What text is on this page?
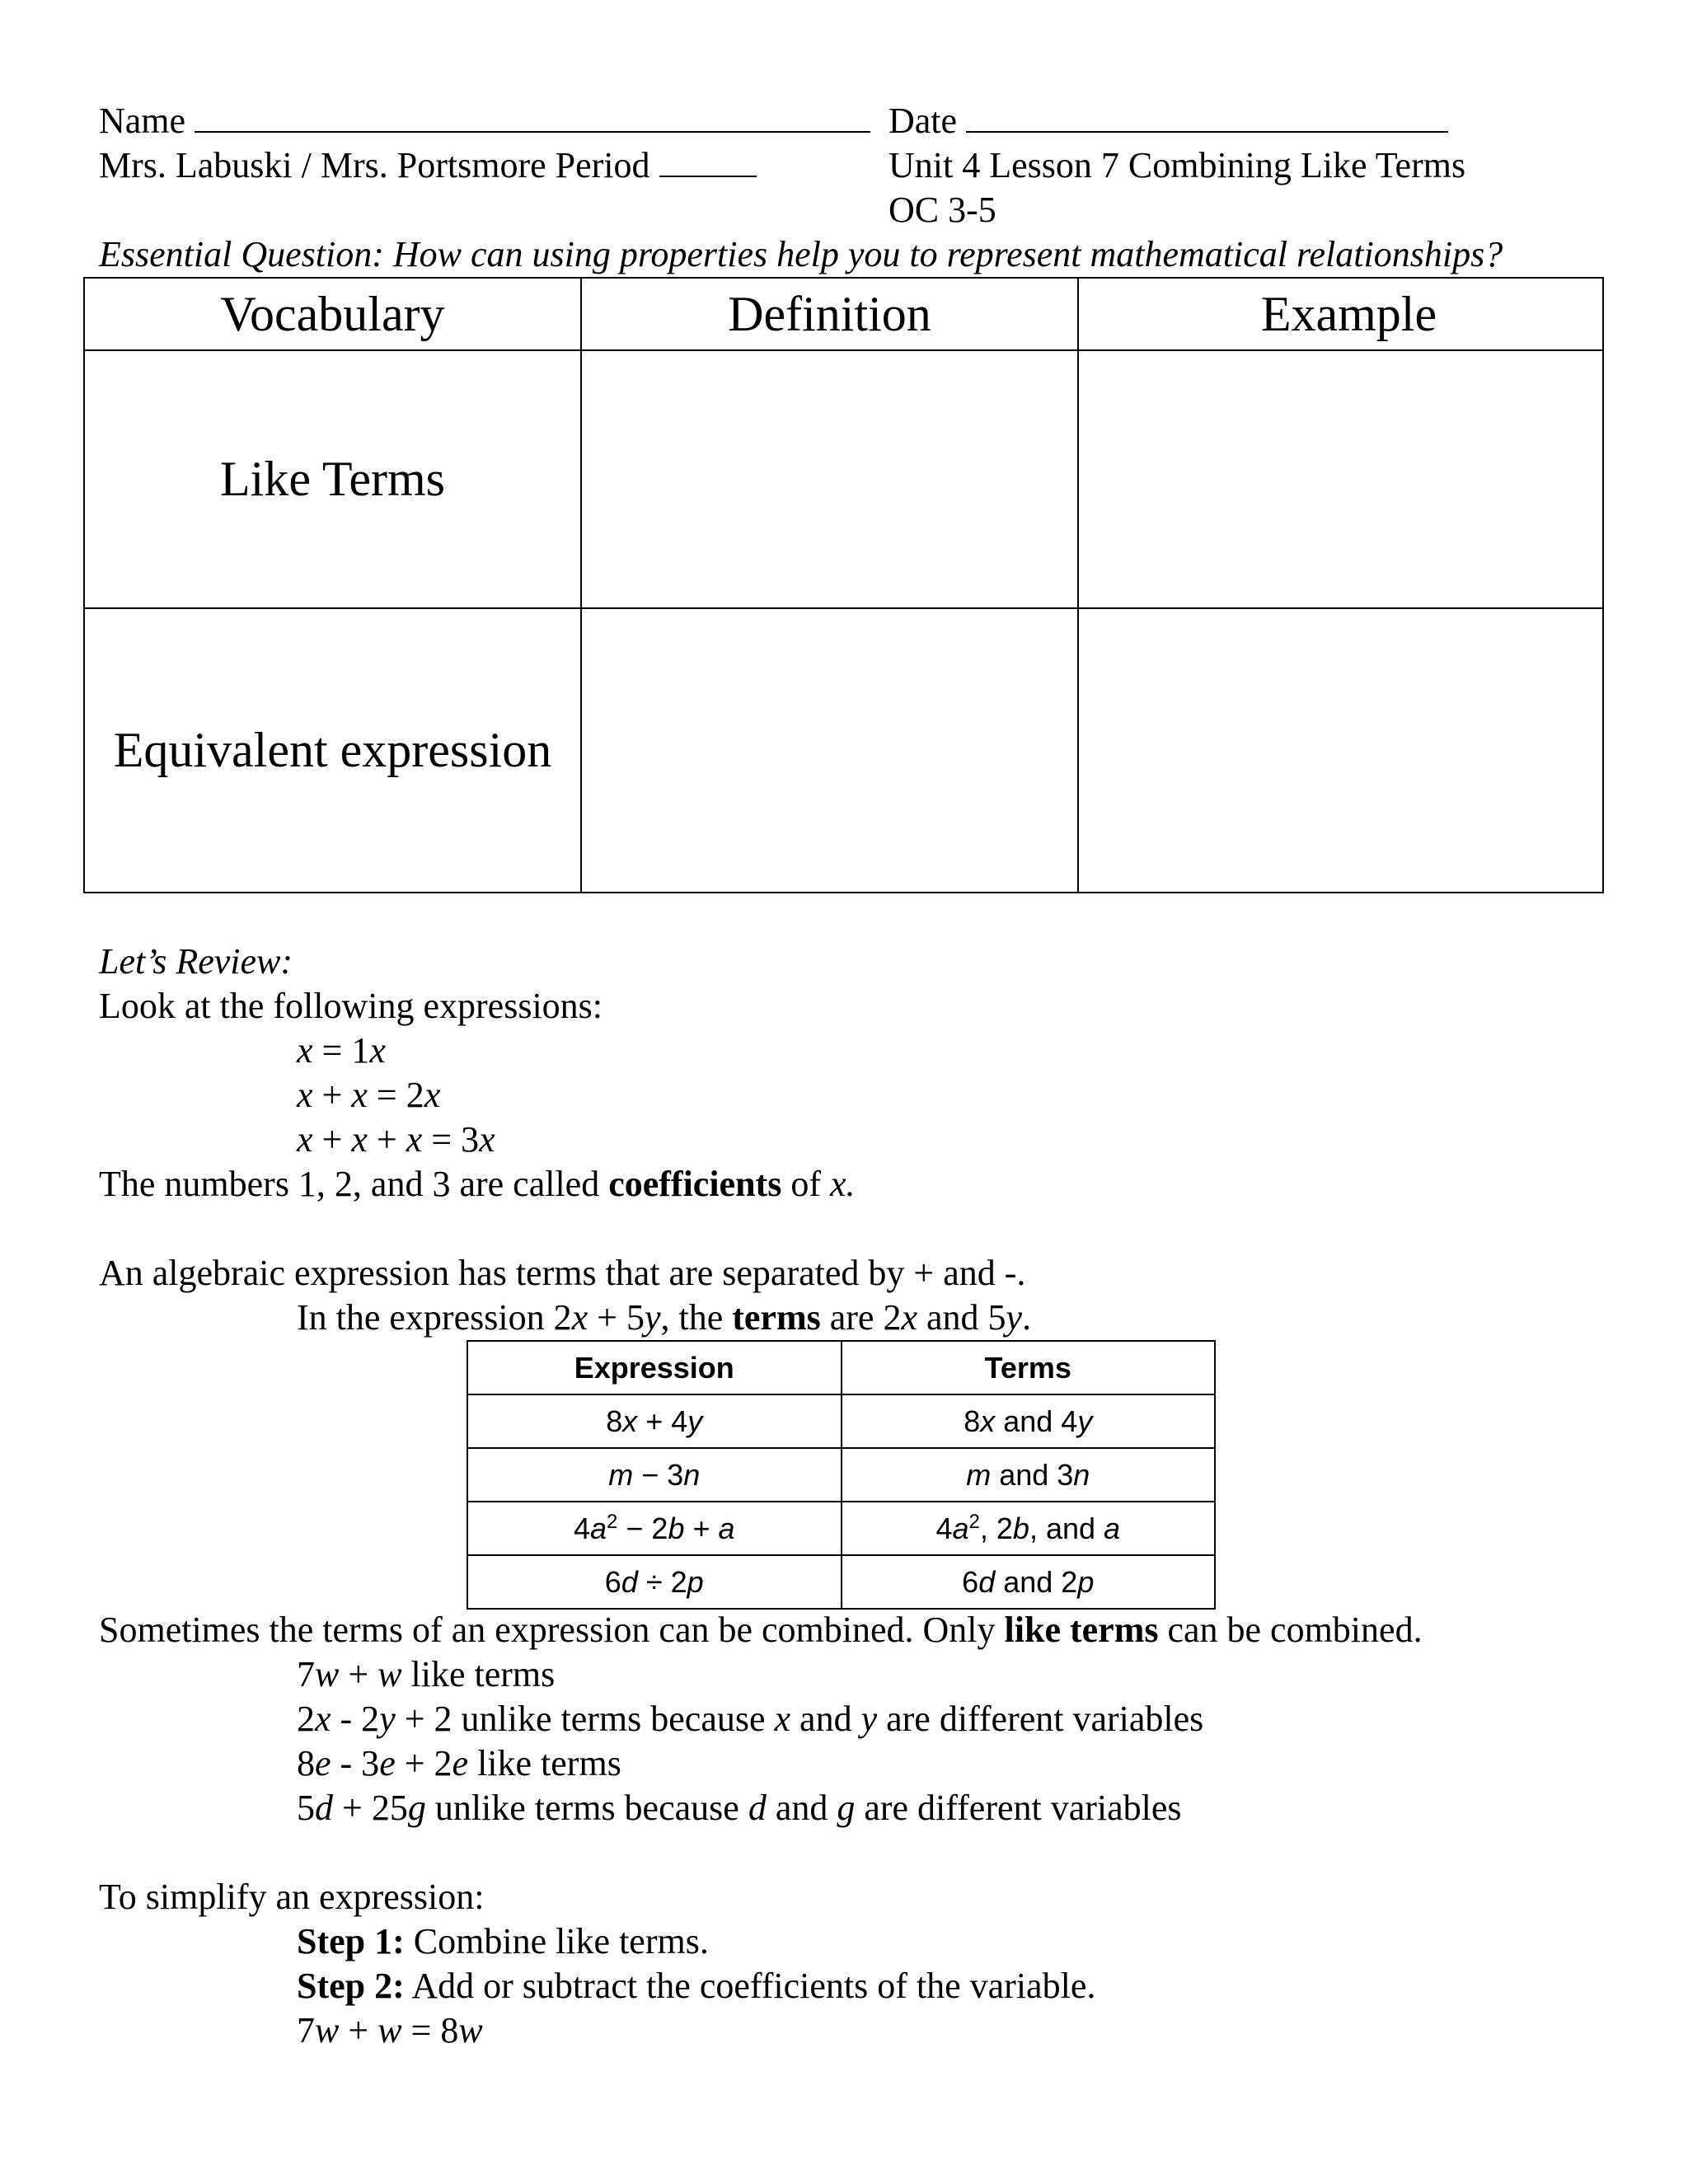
Name	Date
Mrs. Labuski / Mrs. Portsmore Period	Unit 4 Lesson 7 Combining Like Terms
OC 3-5
Essential Question: How can using properties help you to represent mathematical relationships?
Vocabulary	Definition	Example
Like Terms		
Equivalent expression		
Let’s Review:
Look at the following expressions:
x = 1x
x + x = 2x
x + x + x = 3x
The numbers 1, 2, and 3 are called coefficients of x.
An algebraic expression has terms that are separated by + and -.
In the expression 2x + 5y, the terms are 2x and 5y.
Expression	Terms
8x + 4y	8x and 4y
m − 3n	m and 3n
$4a^2 - 2b + a$	$4a^2$, 2b, and a
6d ÷ 2p	6d and 2p
Sometimes the terms of an expression can be combined. Only like terms can be combined.
7w + w like terms
2x - 2y + 2 unlike terms because x and y are different variables
8e - 3e + 2e like terms
5d + 25g unlike terms because d and g are different variables
To simplify an expression:
Step 1: Combine like terms.
Step 2: Add or subtract the coefficients of the variable.
7w + w = 8w
